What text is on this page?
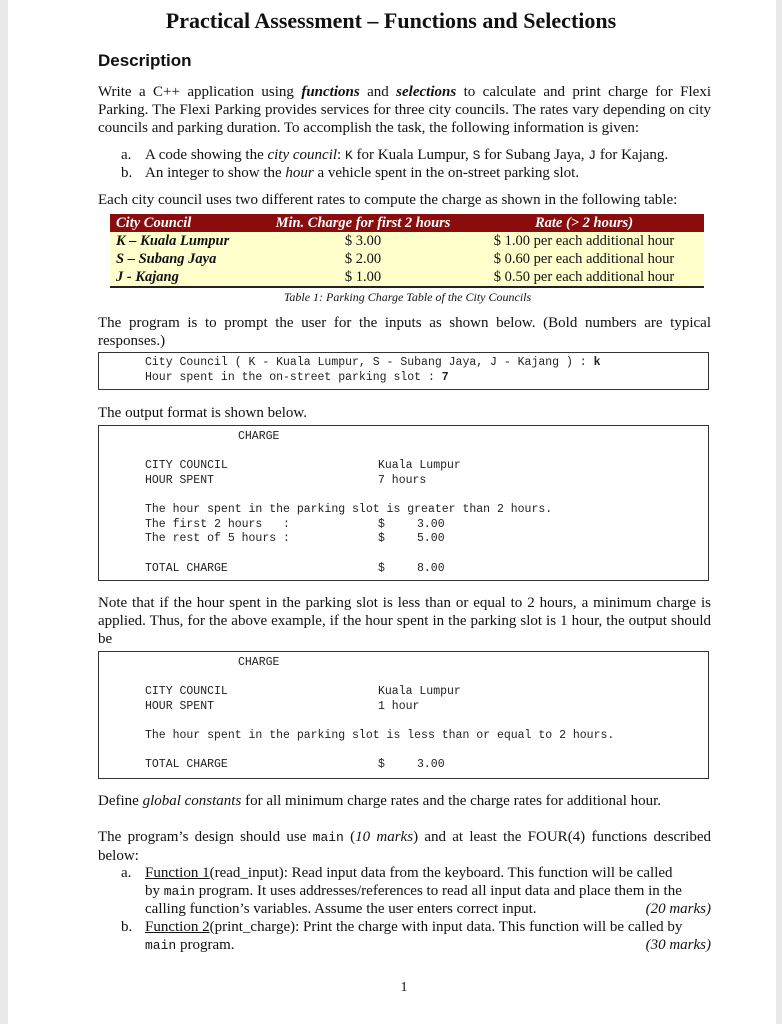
Practical Assessment – Functions and Selections
Description
Write a C++ application using functions and selections to calculate and print charge for Flexi Parking. The Flexi Parking provides services for three city councils. The rates vary depending on city councils and parking duration. To accomplish the task, the following information is given:
a. A code showing the city council: K for Kuala Lumpur, S for Subang Jaya, J for Kajang.
b. An integer to show the hour a vehicle spent in the on-street parking slot.
Each city council uses two different rates to compute the charge as shown in the following table:
City Council	Min. Charge for first 2 hours	Rate (> 2 hours)
K – Kuala Lumpur	$ 3.00	$ 1.00 per each additional hour
S – Subang Jaya	$ 2.00	$ 0.60 per each additional hour
J - Kajang	$ 1.00	$ 0.50 per each additional hour
Table 1: Parking Charge Table of the City Councils
The program is to prompt the user for the inputs as shown below. (Bold numbers are typical responses.)
City Council ( K - Kuala Lumpur, S - Subang Jaya, J - Kajang ) : k
Hour spent in the on-street parking slot : 7
The output format is shown below.
CHARGE
CITY COUNCIL	Kuala Lumpur
HOUR SPENT	7 hours
The hour spent in the parking slot is greater than 2 hours.
The first 2 hours   :	$	3.00
The rest of 5 hours :	$	5.00
TOTAL CHARGE	$	8.00
Note that if the hour spent in the parking slot is less than or equal to 2 hours, a minimum charge is applied. Thus, for the above example, if the hour spent in the parking slot is 1 hour, the output should be
CHARGE
CITY COUNCIL	Kuala Lumpur
HOUR SPENT	1 hour
The hour spent in the parking slot is less than or equal to 2 hours.
TOTAL CHARGE	$	3.00
Define global constants for all minimum charge rates and the charge rates for additional hour.
The program’s design should use main (10 marks) and at least the FOUR(4) functions described below:
a. Function 1(read_input): Read input data from the keyboard. This function will be called
by main program. It uses addresses/references to read all input data and place them in the
calling function’s variables. Assume the user enters correct input.	(20 marks)
b. Function 2(print_charge): Print the charge with input data. This function will be called by
main program.	(30 marks)
1
